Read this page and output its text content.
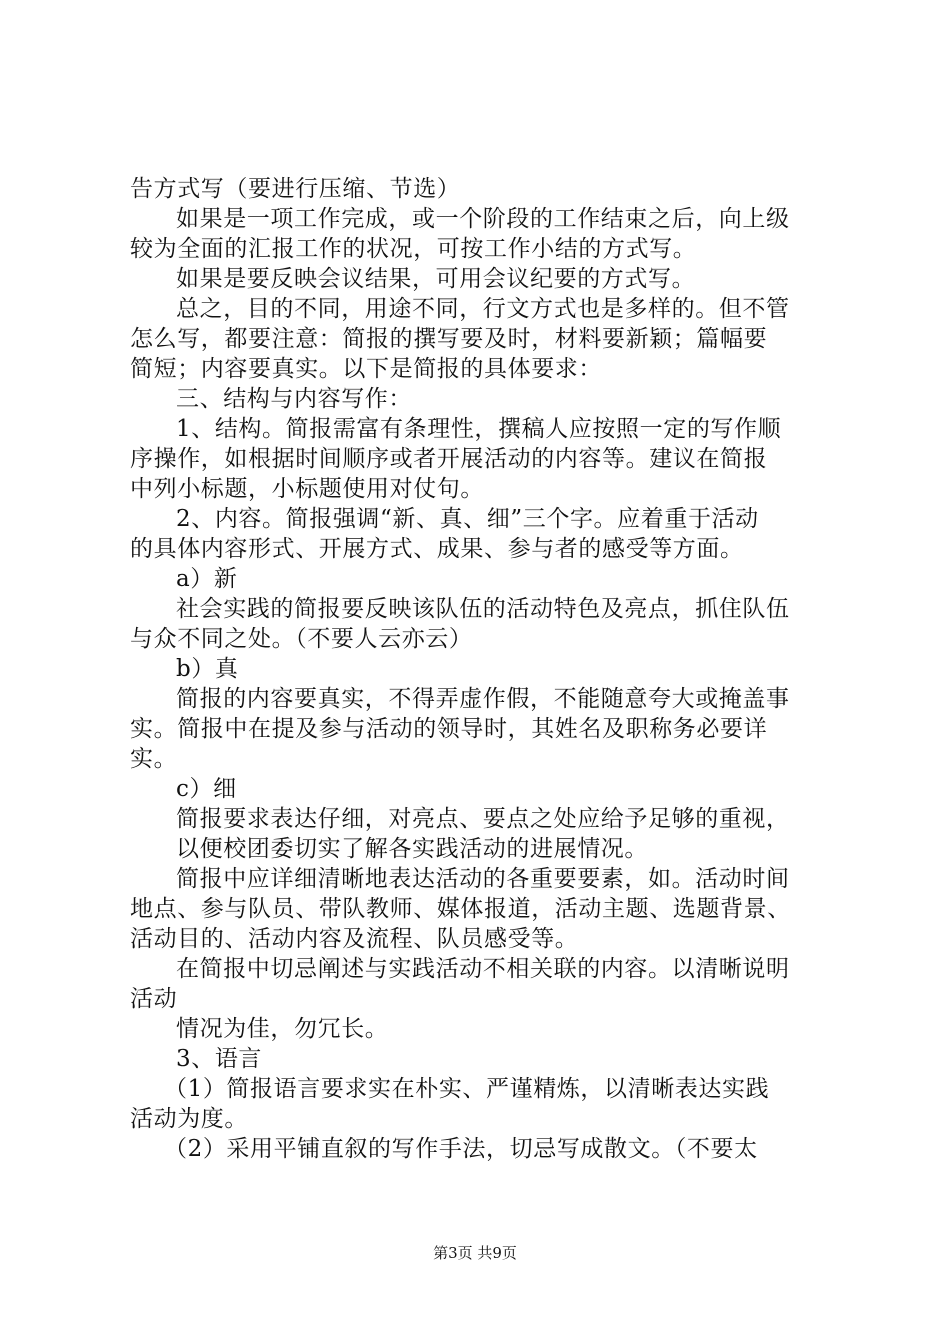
告方式写（要进行压缩、节选）
如果是一项工作完成，或一个阶段的工作结束之后，向上级
较为全面的汇报工作的状况，可按工作小结的方式写。
如果是要反映会议结果，可用会议纪要的方式写。
总之，目的不同，用途不同，行文方式也是多样的。但不管
怎么写，都要注意：简报的撰写要及时，材料要新颖；篇幅要
简短；内容要真实。以下是简报的具体要求：
三、结构与内容写作：
1、结构。简报需富有条理性，撰稿人应按照一定的写作顺
序操作，如根据时间顺序或者开展活动的内容等。建议在简报
中列小标题，小标题使用对仗句。
2、内容。简报强调“新、真、细”三个字。应着重于活动
的具体内容形式、开展方式、成果、参与者的感受等方面。
a）新
社会实践的简报要反映该队伍的活动特色及亮点，抓住队伍
与众不同之处。（不要人云亦云）
b）真
简报的内容要真实，不得弄虚作假，不能随意夸大或掩盖事
实。简报中在提及参与活动的领导时，其姓名及职称务必要详
实。
c）细
简报要求表达仔细，对亮点、要点之处应给予足够的重视，
以便校团委切实了解各实践活动的进展情况。
简报中应详细清晰地表达活动的各重要要素，如。活动时间
地点、参与队员、带队教师、媒体报道，活动主题、选题背景、
活动目的、活动内容及流程、队员感受等。
在简报中切忌阐述与实践活动不相关联的内容。以清晰说明
活动
情况为佳，勿冗长。
3、语言
（1）简报语言要求实在朴实、严谨精炼，以清晰表达实践
活动为度。
（2）采用平铺直叙的写作手法，切忌写成散文。（不要太
第3页 共9页
